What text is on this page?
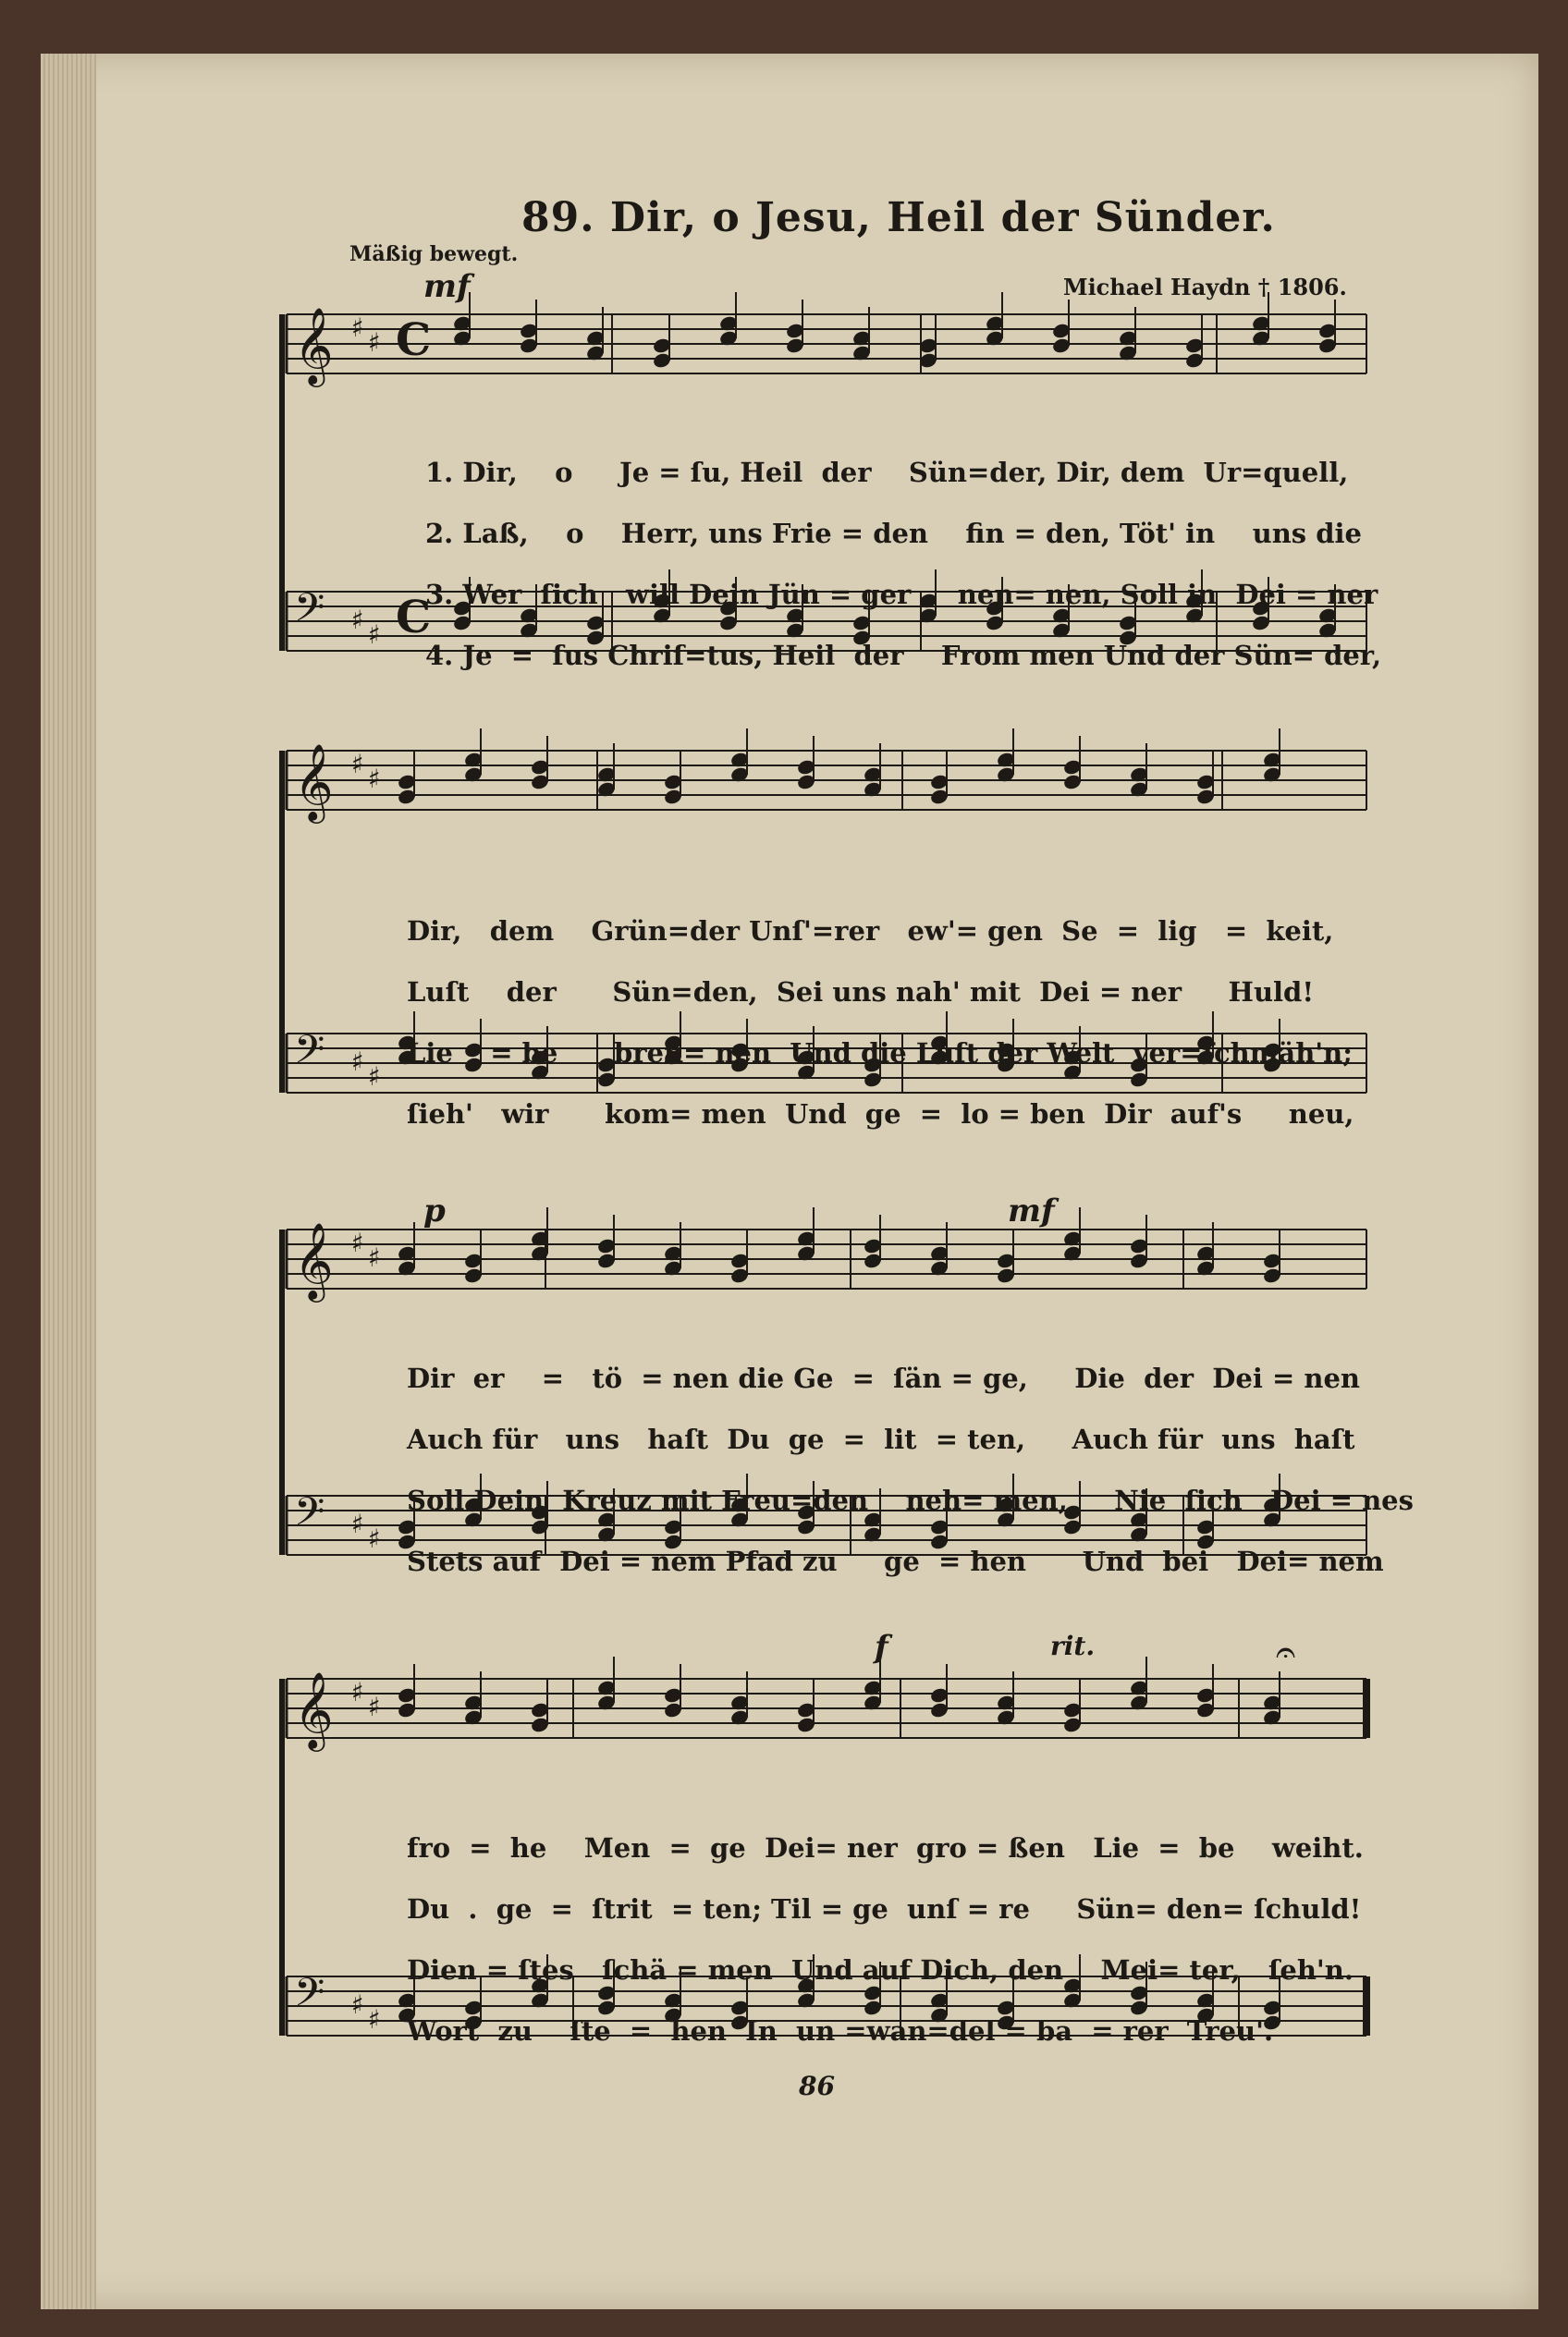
89. Dir, o Jesu, Heil der Sünder.
Mäßig bewegt.
Michael Haydn † 1806.
mf
p	mf
f	rit.
𝄞 ♯ ♯ C
𝄢 ♯ ♯ C
𝄞 ♯ ♯
𝄢 ♯ ♯
𝄞 ♯ ♯
𝄢 ♯ ♯
𝄞 ♯ ♯
𝄢 ♯ ♯
𝄐

1. Dir,    o     Je = ſu, Heil  der    Sün=der, Dir, dem  Ur=quell,

2. Laß,    o    Herr, uns Frie = den    fin = den, Töt' in    uns die

3. Wer  ſich   will Dein Jün = ger     nen= nen, Soll in  Dei = ner

4. Je  =  ſus Chriſ=tus, Heil  der    From men Und der Sün= der,

Dir,   dem    Grün=der Unſ'=rer   ew'= gen  Se  =  lig   =  keit,

Luſt    der      Sün=den,  Sei uns nah' mit  Dei = ner     Huld!

Lie    = be      bren= nen  Und die Luſt der Welt  ver=ſchmäh'n;

ſieh'   wir      kom= men  Und  ge  =  lo = ben  Dir  auf's     neu,

Dir  er    =   tö  = nen die Ge  =  ſän = ge,     Die  der  Dei = nen

Auch für   uns   haſt  Du  ge  =  lit  = ten,     Auch für  uns  haſt

Soll Dein  Kreuz mit Freu=den    neh= men,     Nie  ſich   Dei = nes

Stets auf  Dei = nem Pfad zu     ge  = hen      Und  bei   Dei= nem

fro  =  he    Men  =  ge  Dei= ner  gro = ßen   Lie  =  be    weiht.

Du  .  ge  =  ſtrit  = ten; Til = ge  unſ = re     Sün= den= ſchuld!

Dien = ſtes   ſchä = men  Und auf Dich, den    Mei= ter,   ſeh'n.

Wort  zu    ſte  =  hen  In  un =wan=del = ba  = rer  Treu'.

86
